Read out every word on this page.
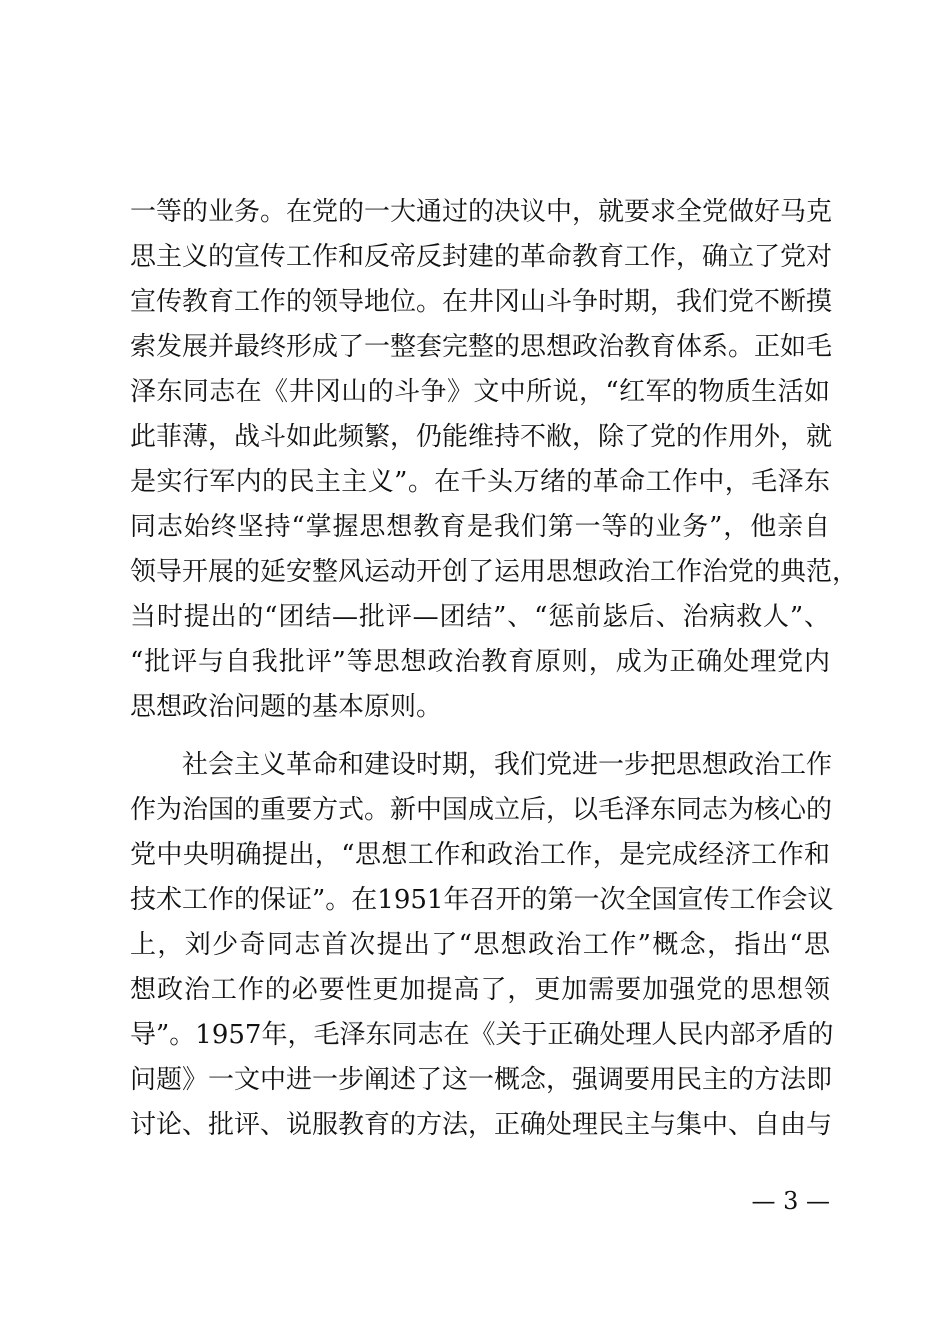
一等的业务。在党的一大通过的决议中，就要求全党做好马克
思主义的宣传工作和反帝反封建的革命教育工作，确立了党对
宣传教育工作的领导地位。在井冈山斗争时期，我们党不断摸
索发展并最终形成了一整套完整的思想政治教育体系。正如毛
泽东同志在《井冈山的斗争》文中所说，“红军的物质生活如
此菲薄，战斗如此频繁，仍能维持不敝，除了党的作用外，就
是实行军内的民主主义”。在千头万绪的革命工作中，毛泽东
同志始终坚持“掌握思想教育是我们第一等的业务”，他亲自
领导开展的延安整风运动开创了运用思想政治工作治党的典范，
当时提出的“团结—批评—团结”、“惩前毖后、治病救人”、
“批评与自我批评”等思想政治教育原则，成为正确处理党内
思想政治问题的基本原则。
社会主义革命和建设时期，我们党进一步把思想政治工作
作为治国的重要方式。新中国成立后，以毛泽东同志为核心的
党中央明确提出，“思想工作和政治工作，是完成经济工作和
技术工作的保证”。在1951年召开的第一次全国宣传工作会议
上，刘少奇同志首次提出了“思想政治工作”概念，指出“思
想政治工作的必要性更加提高了，更加需要加强党的思想领
导”。1957年，毛泽东同志在《关于正确处理人民内部矛盾的
问题》一文中进一步阐述了这一概念，强调要用民主的方法即
讨论、批评、说服教育的方法，正确处理民主与集中、自由与
— 3 —
